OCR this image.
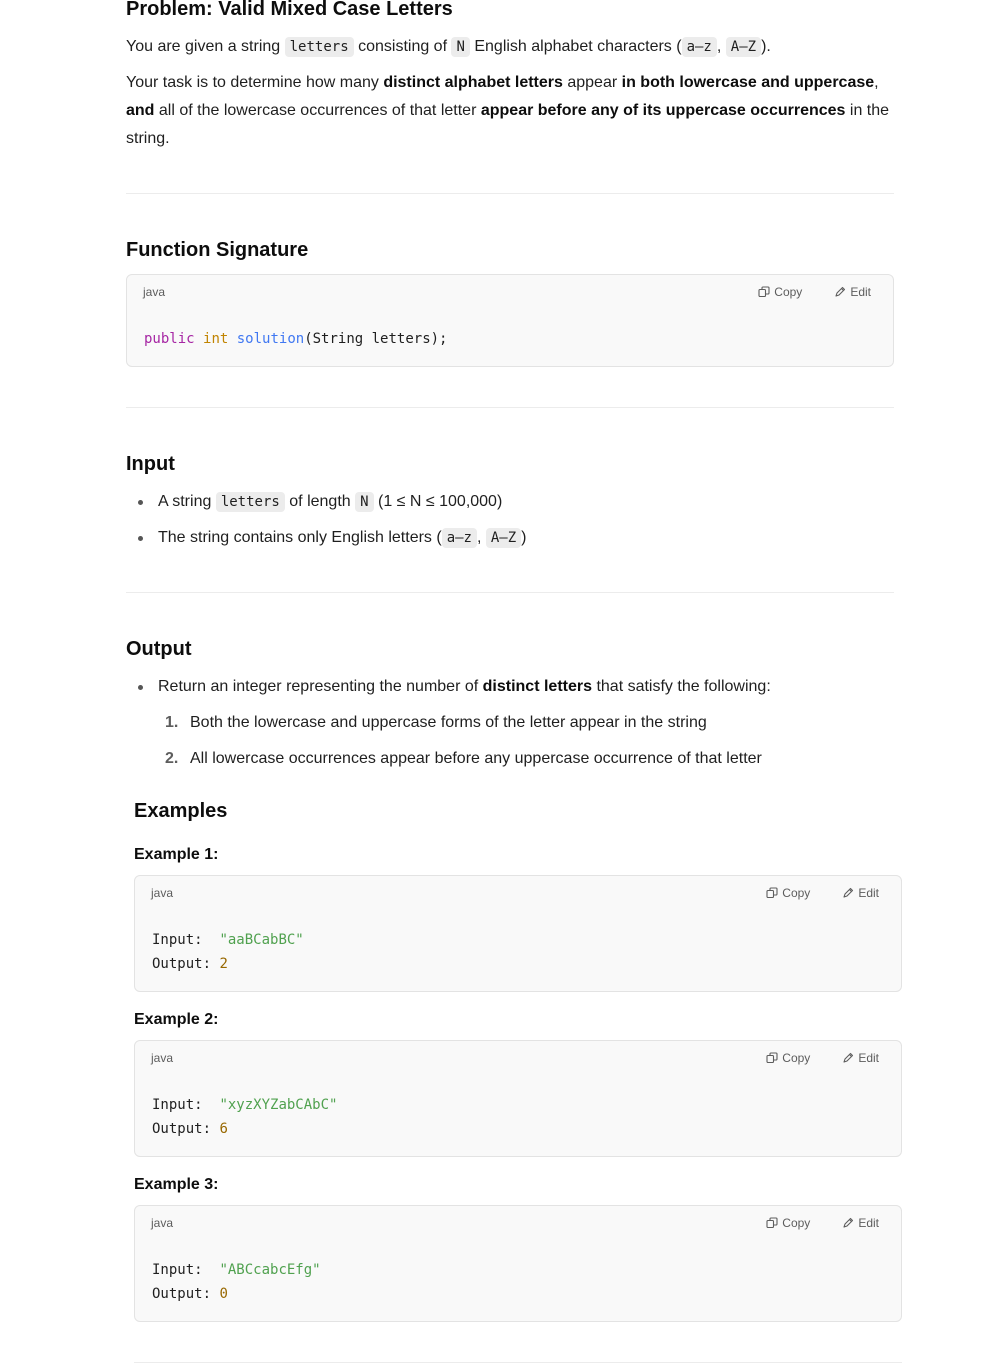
Problem: Valid Mixed Case Letters

You are given a string letters consisting of N English alphabet characters ( a–z , A–Z ).

Your task is to determine how many distinct alphabet letters appear in both lowercase and uppercase,
and all of the lowercase occurrences of that letter appear before any of its uppercase occurrences in the string.

Function Signature
java	Copy	Edit
public int solution(String letters);
Input
A string letters of length N (1 ≤ N ≤ 100,000)
The string contains only English letters ( a–z , A–Z )
Output
Return an integer representing the number of distinct letters that satisfy the following:
1. Both the lowercase and uppercase forms of the letter appear in the string
2. All lowercase occurrences appear before any uppercase occurrence of that letter
Examples
Example 1:
java	Copy	Edit
Input: "aaBCabBC"
Output: 2
Example 2:
java	Copy	Edit
Input: "xyzXYZabCAbC"
Output: 6
Example 3:
java	Copy	Edit
Input: "ABCcabcEfg"
Output: 0
